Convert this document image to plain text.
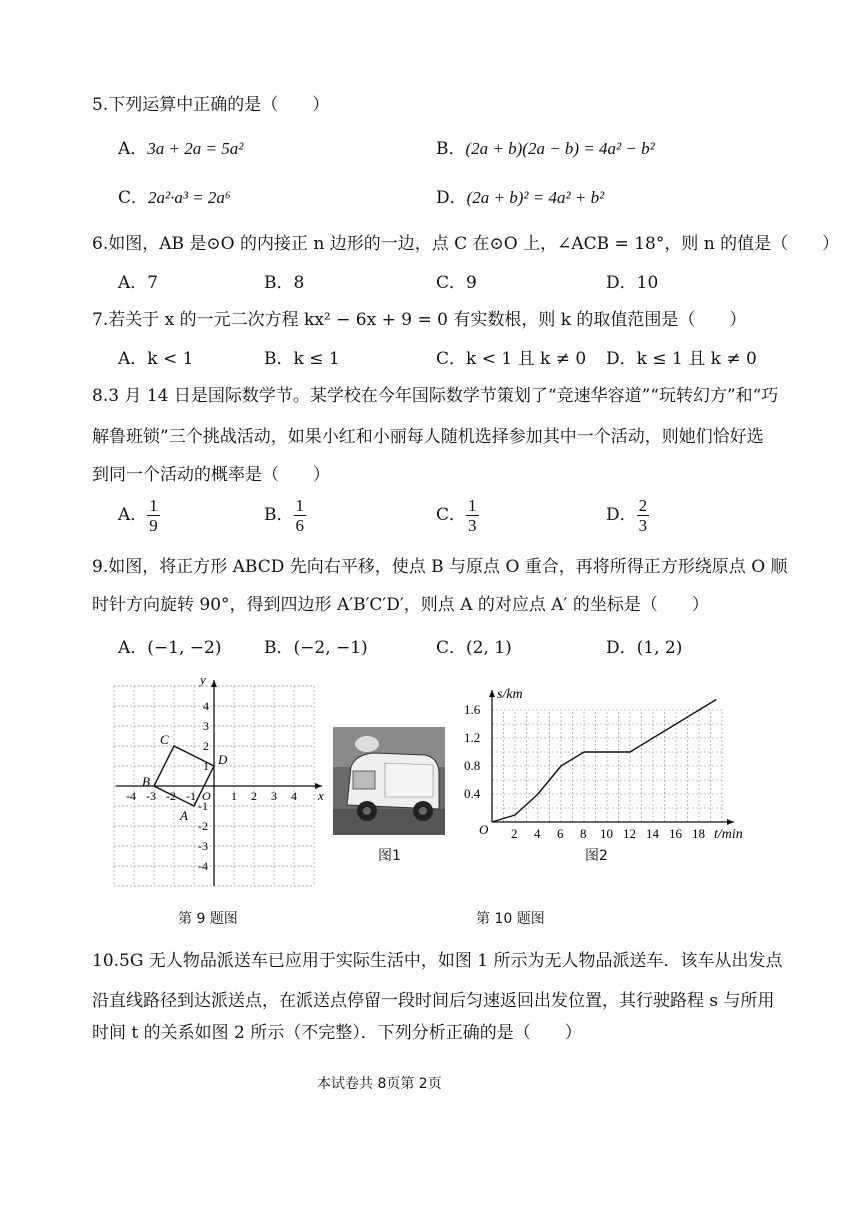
5.下列运算中正确的是（　　）
A．3a + 2a = 5a²	B．(2a + b)(2a − b) = 4a² − b²
C．2a²·a³ = 2a⁶	D．(2a + b)² = 4a² + b²
6.如图，AB 是⊙O 的内接正 n 边形的一边，点 C 在⊙O 上，∠ACB = 18°，则 n 的值是（　　）
A．7	B．8	C．9	D．10
7.若关于 x 的一元二次方程 kx² − 6x + 9 = 0 有实数根，则 k 的取值范围是（　　）
A．k < 1	B．k ≤ 1	C．k < 1 且 k ≠ 0 D．k ≤ 1 且 k ≠ 0
8.3 月 14 日是国际数学节。某学校在今年国际数学节策划了“竞速华容道”“玩转幻方”和“巧
解鲁班锁”三个挑战活动，如果小红和小丽每人随机选择参加其中一个活动，则她们恰好选
到同一个活动的概率是（　　）
A． $\frac{1}{9}$	B． $\frac{1}{6}$	C． $\frac{1}{3}$	D． $\frac{2}{3}$
9.如图，将正方形 ABCD 先向右平移，使点 B 与原点 O 重合，再将所得正方形绕原点 O 顺
时针方向旋转 90°，得到四边形 A′B′C′D′，则点 A 的对应点 A′ 的坐标是（　　）
A．(−1, −2)	B．(−2, −1)	C．(2, 1)	D．(1, 2)
x
y
O
-4 -3 -2 -1	1 2 3 4
4
3
2
1
-1
-2
-3
-4
A
B
C
D
第 9 题图
图1
s/km
t/min
O 2 4 6 8 10 12 14 16 18
0.4
0.8
1.2
1.6
图2
第 10 题图
10.5G 无人物品派送车已应用于实际生活中，如图 1 所示为无人物品派送车．该车从出发点
沿直线路径到达派送点，在派送点停留一段时间后匀速返回出发位置，其行驶路程 s 与所用
时间 t 的关系如图 2 所示（不完整）．下列分析正确的是（　　）
本试卷共 8页第 2页
